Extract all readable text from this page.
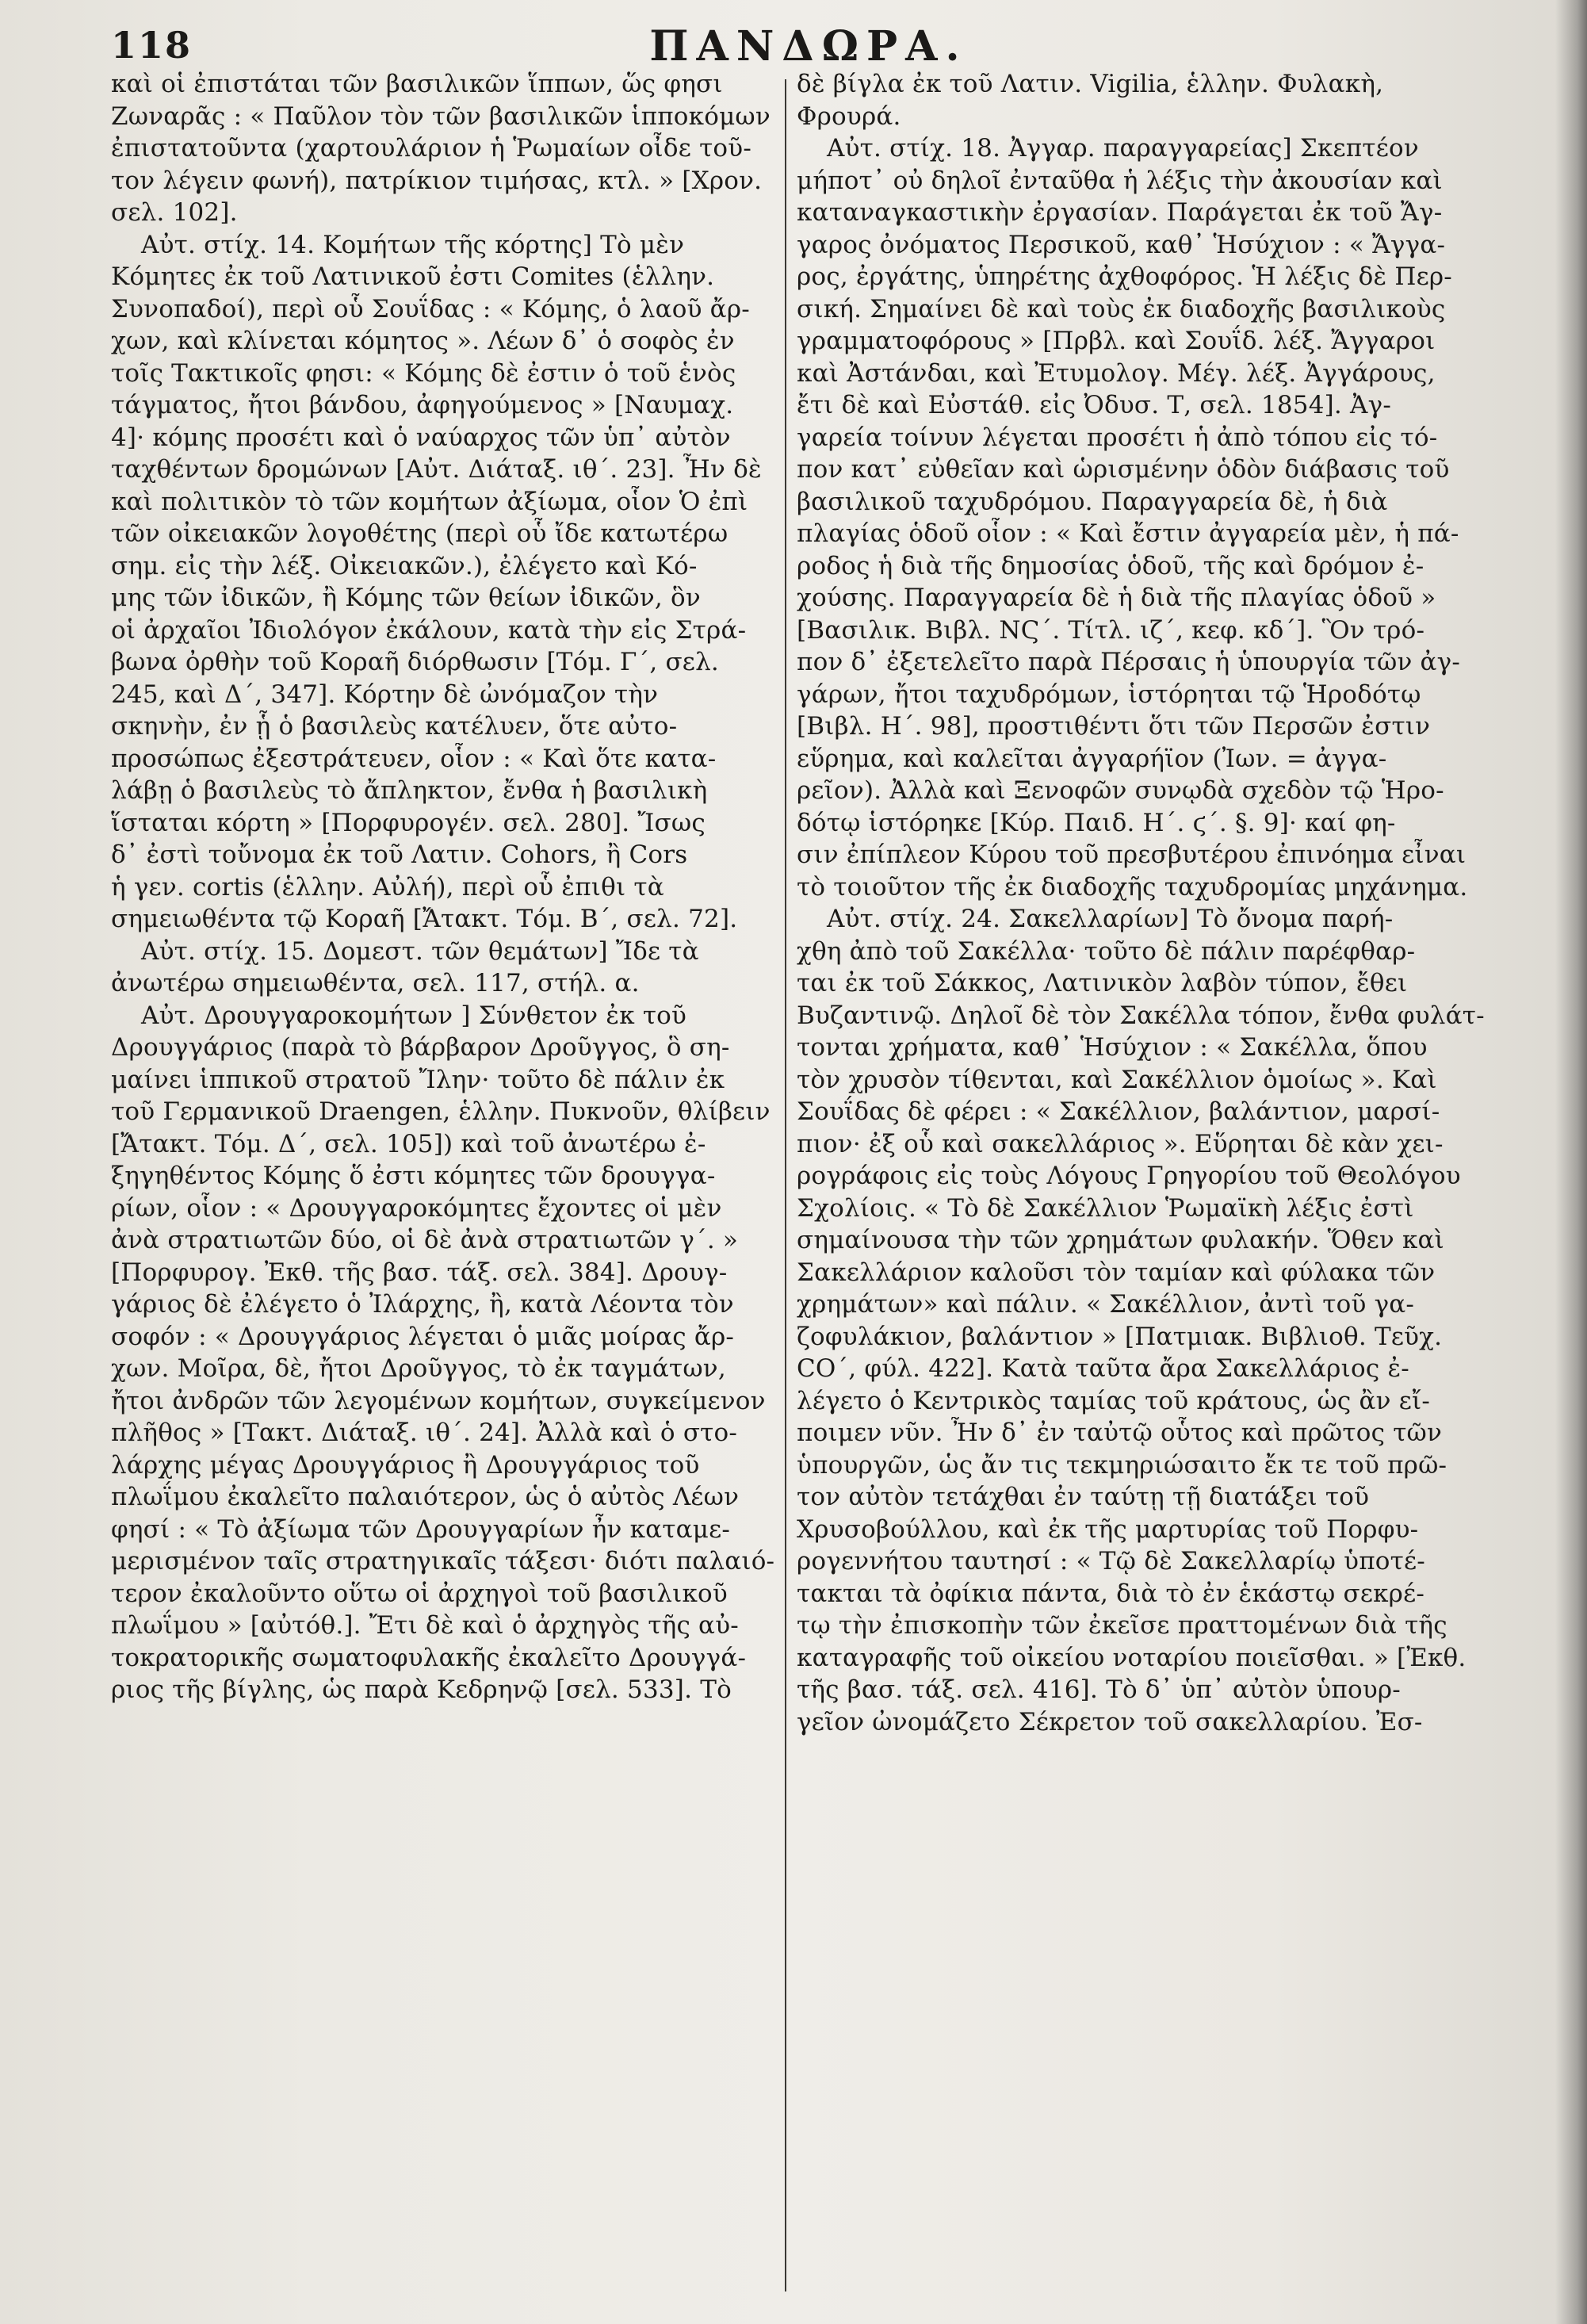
118	ΠΑΝΔΩΡΑ.
καὶ οἱ ἐπιστάται τῶν βασιλικῶν ἵππων, ὥς φησι
Ζωναρᾶς : « Παῦλον τὸν τῶν βασιλικῶν ἱπποκόμων
ἐπιστατοῦντα (χαρτουλάριον ἡ Ῥωμαίων οἶδε τοῦ-
τον λέγειν φωνή), πατρίκιον τιμήσας, κτλ. » [Χρον.
σελ. 102].
Αὐτ. στίχ. 14. Κομήτων τῆς κόρτης] Τὸ μὲν
Κόμητες ἐκ τοῦ Λατινικοῦ ἐστι Comites (ἑλλην.
Συνοπαδοί), περὶ οὗ Σουΐδας : « Κόμης, ὁ λαοῦ ἄρ-
χων, καὶ κλίνεται κόμητος ». Λέων δ᾽ ὁ σοφὸς ἐν
τοῖς Τακτικοῖς φησι: « Κόμης δὲ ἐστιν ὁ τοῦ ἑνὸς
τάγματος, ἤτοι βάνδου, ἀφηγούμενος » [Ναυμαχ.
4]· κόμης προσέτι καὶ ὁ ναύαρχος τῶν ὑπ᾽ αὐτὸν
ταχθέντων δρομώνων [Αὐτ. Διάταξ. ιθ΄. 23]. Ἦν δὲ
καὶ πολιτικὸν τὸ τῶν κομήτων ἀξίωμα, οἷον Ὁ ἐπὶ
τῶν οἰκειακῶν λογοθέτης (περὶ οὗ ἴδε κατωτέρω
σημ. εἰς τὴν λέξ. Οἰκειακῶν.), ἐλέγετο καὶ Κό-
μης τῶν ἰδικῶν, ἢ Κόμης τῶν θείων ἰδικῶν, ὃν
οἱ ἀρχαῖοι Ἰδιολόγον ἐκάλουν, κατὰ τὴν εἰς Στρά-
βωνα ὀρθὴν τοῦ Κοραῆ διόρθωσιν [Τόμ. Γ΄, σελ.
245, καὶ Δ΄, 347]. Κόρτην δὲ ὠνόμαζον τὴν
σκηνὴν, ἐν ᾗ ὁ βασιλεὺς κατέλυεν, ὅτε αὐτο-
προσώπως ἐξεστράτευεν, οἷον : « Καὶ ὅτε κατα-
λάβῃ ὁ βασιλεὺς τὸ ἄπληκτον, ἔνθα ἡ βασιλικὴ
ἵσταται κόρτη » [Πορφυρογέν. σελ. 280]. Ἴσως
δ᾽ ἐστὶ τοὔνομα ἐκ τοῦ Λατιν. Cohors, ἢ Cors
ἡ γεν. cortis (ἑλλην. Αὐλή), περὶ οὗ ἐπιθι τὰ
σημειωθέντα τῷ Κοραῆ [Ἄτακτ. Τόμ. Β΄, σελ. 72].
Αὐτ. στίχ. 15. Δομεστ. τῶν θεμάτων] Ἴδε τὰ
ἀνωτέρω σημειωθέντα, σελ. 117, στήλ. α.
Αὐτ. Δρουγγαροκομήτων ] Σύνθετον ἐκ τοῦ
Δρουγγάριος (παρὰ τὸ βάρβαρον Δροῦγγος, ὃ ση-
μαίνει ἱππικοῦ στρατοῦ Ἴλην· τοῦτο δὲ πάλιν ἐκ
τοῦ Γερμανικοῦ Draengen, ἑλλην. Πυκνοῦν, θλίβειν
[Ἄτακτ. Τόμ. Δ΄, σελ. 105]) καὶ τοῦ ἀνωτέρω ἐ-
ξηγηθέντος Κόμης ὅ ἐστι κόμητες τῶν δρουγγα-
ρίων, οἷον : « Δρουγγαροκόμητες ἔχοντες οἱ μὲν
ἀνὰ στρατιωτῶν δύο, οἱ δὲ ἀνὰ στρατιωτῶν γ΄. »
[Πορφυρογ. Ἐκθ. τῆς βασ. τάξ. σελ. 384]. Δρουγ-
γάριος δὲ ἐλέγετο ὁ Ἰλάρχης, ἢ, κατὰ Λέοντα τὸν
σοφόν : « Δρουγγάριος λέγεται ὁ μιᾶς μοίρας ἄρ-
χων. Μοῖρα, δὲ, ἤτοι Δροῦγγος, τὸ ἐκ ταγμάτων,
ἤτοι ἀνδρῶν τῶν λεγομένων κομήτων, συγκείμενον
πλῆθος » [Τακτ. Διάταξ. ιθ΄. 24]. Ἀλλὰ καὶ ὁ στο-
λάρχης μέγας Δρουγγάριος ἢ Δρουγγάριος τοῦ
πλωΐμου ἐκαλεῖτο παλαιότερον, ὡς ὁ αὐτὸς Λέων
φησί : « Τὸ ἀξίωμα τῶν Δρουγγαρίων ἦν καταμε-
μερισμένον ταῖς στρατηγικαῖς τάξεσι· διότι παλαιό-
τερον ἐκαλοῦντο οὕτω οἱ ἀρχηγοὶ τοῦ βασιλικοῦ
πλωΐμου » [αὐτόθ.]. Ἔτι δὲ καὶ ὁ ἀρχηγὸς τῆς αὐ-
τοκρατορικῆς σωματοφυλακῆς ἐκαλεῖτο Δρουγγά-
ριος τῆς βίγλης, ὡς παρὰ Κεδρηνῷ [σελ. 533]. Τὸ
δὲ βίγλα ἐκ τοῦ Λατιν. Vigilia, ἑλλην. Φυλακὴ,
Φρουρά.
Αὐτ. στίχ. 18. Ἀγγαρ. παραγγαρείας] Σκεπτέον
μήποτ᾽ οὐ δηλοῖ ἐνταῦθα ἡ λέξις τὴν ἀκουσίαν καὶ
καταναγκαστικὴν ἐργασίαν. Παράγεται ἐκ τοῦ Ἄγ-
γαρος ὀνόματος Περσικοῦ, καθ᾽ Ἡσύχιον : « Ἄγγα-
ρος, ἐργάτης, ὑπηρέτης ἀχθοφόρος. Ἡ λέξις δὲ Περ-
σική. Σημαίνει δὲ καὶ τοὺς ἐκ διαδοχῆς βασιλικοὺς
γραμματοφόρους » [Πρβλ. καὶ Σουΐδ. λέξ. Ἄγγαροι
καὶ Ἀστάνδαι, καὶ Ἐτυμολογ. Μέγ. λέξ. Ἀγγάρους,
ἔτι δὲ καὶ Εὐστάθ. εἰς Ὀδυσ. Τ, σελ. 1854]. Ἀγ-
γαρεία τοίνυν λέγεται προσέτι ἡ ἀπὸ τόπου εἰς τό-
πον κατ᾽ εὐθεῖαν καὶ ὡρισμένην ὁδὸν διάβασις τοῦ
βασιλικοῦ ταχυδρόμου. Παραγγαρεία δὲ, ἡ διὰ
πλαγίας ὁδοῦ οἷον : « Καὶ ἔστιν ἀγγαρεία μὲν, ἡ πά-
ροδος ἡ διὰ τῆς δημοσίας ὁδοῦ, τῆς καὶ δρόμον ἐ-
χούσης. Παραγγαρεία δὲ ἡ διὰ τῆς πλαγίας ὁδοῦ »
[Βασιλικ. Βιβλ. ΝϚ΄. Τίτλ. ιζ΄, κεφ. κδ΄]. Ὃν τρό-
πον δ᾽ ἐξετελεῖτο παρὰ Πέρσαις ἡ ὑπουργία τῶν ἀγ-
γάρων, ἤτοι ταχυδρόμων, ἱστόρηται τῷ Ἡροδότῳ
[Βιβλ. Η΄. 98], προστιθέντι ὅτι τῶν Περσῶν ἐστιν
εὕρημα, καὶ καλεῖται ἀγγαρήϊον (Ἰων. = ἀγγα-
ρεῖον). Ἀλλὰ καὶ Ξενοφῶν συνῳδὰ σχεδὸν τῷ Ἡρο-
δότῳ ἱστόρηκε [Κύρ. Παιδ. Η΄. ϛ΄. §. 9]· καί φη-
σιν ἐπίπλεον Κύρου τοῦ πρεσβυτέρου ἐπινόημα εἶναι
τὸ τοιοῦτον τῆς ἐκ διαδοχῆς ταχυδρομίας μηχάνημα.
Αὐτ. στίχ. 24. Σακελλαρίων] Τὸ ὄνομα παρή-
χθη ἀπὸ τοῦ Σακέλλα· τοῦτο δὲ πάλιν παρέφθαρ-
ται ἐκ τοῦ Σάκκος, Λατινικὸν λαβὸν τύπον, ἔθει
Βυζαντινῷ. Δηλοῖ δὲ τὸν Σακέλλα τόπον, ἔνθα φυλάτ-
τονται χρήματα, καθ᾽ Ἡσύχιον : « Σακέλλα, ὅπου
τὸν χρυσὸν τίθενται, καὶ Σακέλλιον ὁμοίως ». Καὶ
Σουΐδας δὲ φέρει : « Σακέλλιον, βαλάντιον, μαρσί-
πιον· ἐξ οὗ καὶ σακελλάριος ». Εὕρηται δὲ κὰν χει-
ρογράφοις εἰς τοὺς Λόγους Γρηγορίου τοῦ Θεολόγου
Σχολίοις. « Τὸ δὲ Σακέλλιον Ῥωμαϊκὴ λέξις ἐστὶ
σημαίνουσα τὴν τῶν χρημάτων φυλακήν. Ὅθεν καὶ
Σακελλάριον καλοῦσι τὸν ταμίαν καὶ φύλακα τῶν
χρημάτων» καὶ πάλιν. « Σακέλλιον, ἀντὶ τοῦ γα-
ζοφυλάκιον, βαλάντιον » [Πατμιακ. Βιβλιοθ. Τεῦχ.
ϹΟ΄, φύλ. 422]. Κατὰ ταῦτα ἄρα Σακελλάριος ἐ-
λέγετο ὁ Κεντρικὸς ταμίας τοῦ κράτους, ὡς ἂν εἴ-
ποιμεν νῦν. Ἦν δ᾽ ἐν ταὐτῷ οὗτος καὶ πρῶτος τῶν
ὑπουργῶν, ὡς ἄν τις τεκμηριώσαιτο ἔκ τε τοῦ πρῶ-
τον αὐτὸν τετάχθαι ἐν ταύτῃ τῇ διατάξει τοῦ
Χρυσοβούλλου, καὶ ἐκ τῆς μαρτυρίας τοῦ Πορφυ-
ρογεννήτου ταυτησί : « Τῷ δὲ Σακελλαρίῳ ὑποτέ-
τακται τὰ ὀφίκια πάντα, διὰ τὸ ἐν ἑκάστῳ σεκρέ-
τῳ τὴν ἐπισκοπὴν τῶν ἐκεῖσε πραττομένων διὰ τῆς
καταγραφῆς τοῦ οἰκείου νοταρίου ποιεῖσθαι. » [Ἐκθ.
τῆς βασ. τάξ. σελ. 416]. Τὸ δ᾽ ὑπ᾽ αὐτὸν ὑπουρ-
γεῖον ὠνομάζετο Σέκρετον τοῦ σακελλαρίου. Ἐσ-
